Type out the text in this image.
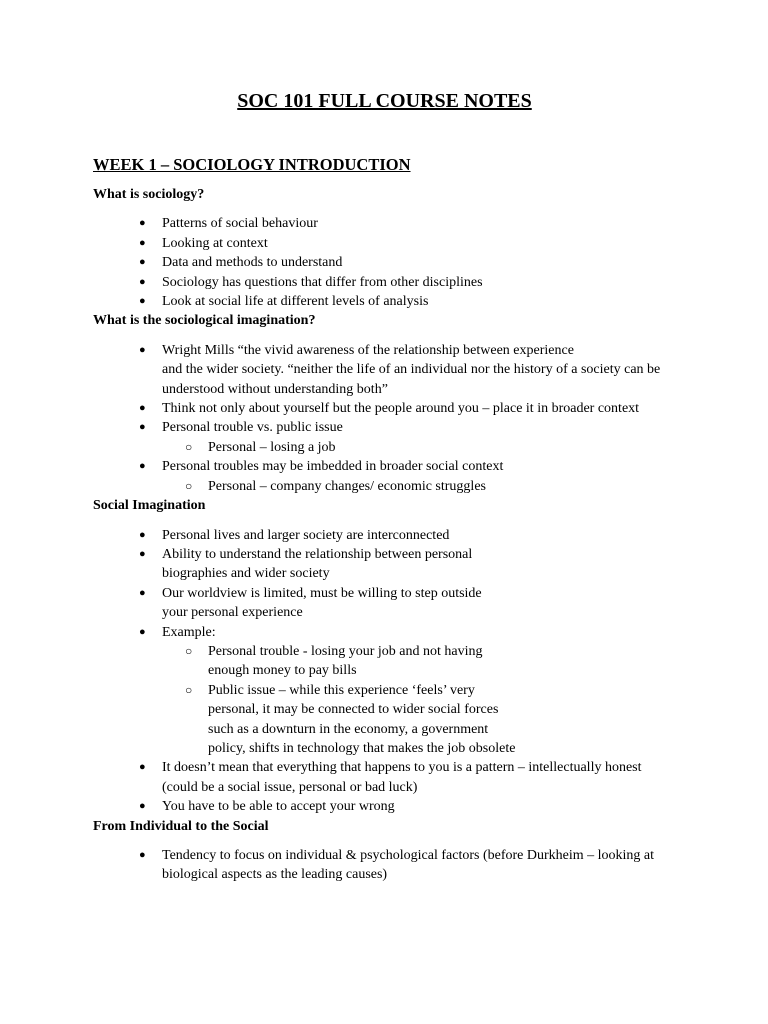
SOC 101 FULL COURSE NOTES
WEEK 1 – SOCIOLOGY INTRODUCTION
What is sociology?
● Patterns of social behaviour
● Looking at context
● Data and methods to understand
● Sociology has questions that differ from other disciplines
● Look at social life at different levels of analysis
What is the sociological imagination?
● Wright Mills “the vivid awareness of the relationship between experience
and the wider society. “neither the life of an individual nor the history of a society can be
understood without understanding both”
● Think not only about yourself but the people around you – place it in broader context
● Personal trouble vs. public issue
○ Personal – losing a job
● Personal troubles may be imbedded in broader social context
○ Personal – company changes/ economic struggles
Social Imagination
● Personal lives and larger society are interconnected
● Ability to understand the relationship between personal
biographies and wider society
● Our worldview is limited, must be willing to step outside
your personal experience
● Example:
○ Personal trouble - losing your job and not having
enough money to pay bills
○ Public issue – while this experience ‘feels’ very
personal, it may be connected to wider social forces
such as a downturn in the economy, a government
policy, shifts in technology that makes the job obsolete
● It doesn’t mean that everything that happens to you is a pattern – intellectually honest (could be a social issue, personal or bad luck)
● You have to be able to accept your wrong
From Individual to the Social
● Tendency to focus on individual & psychological factors (before Durkheim – looking at biological aspects as the leading causes)
